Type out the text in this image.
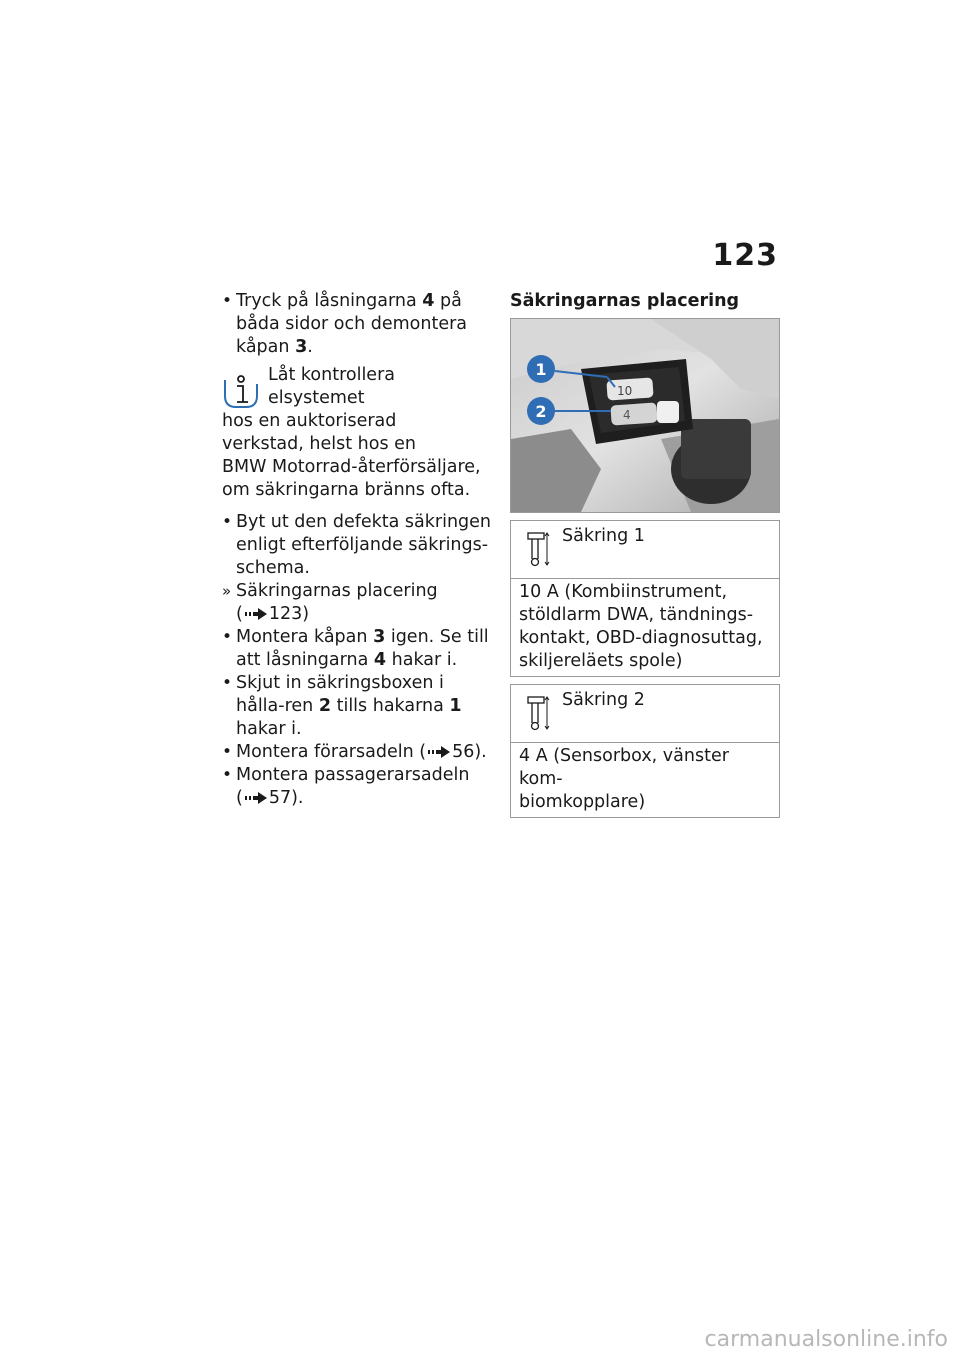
123

• Tryck på låsningarna 4 på båda sidor och demontera kåpan 3.

Låt kontrollera elsystemet
hos en auktoriserad
verkstad, helst hos en
BMW Motorrad-återförsäljare,
om säkringarna bränns ofta.

• Byt ut den defekta säkringen enligt efterföljande säkrings-schema.

» Säkringarnas placering
( 123)

• Montera kåpan 3 igen. Se till att låsningarna 4 hakar i.

• Skjut in säkringsboxen i hålla-ren 2 tills hakarna 1 hakar i.

• Montera förarsadeln ( 56).

• Montera passagerarsadeln
( 57).

Säkringarnas placering
10
4
1
2
Säkring 1
10 A (Kombiinstrument,
stöldlarm DWA, tändnings-
kontakt, OBD-diagnosuttag,
skiljereläets spole)
Säkring 2
4 A (Sensorbox, vänster kom-
biomkopplare)
carmanualsonline.info
